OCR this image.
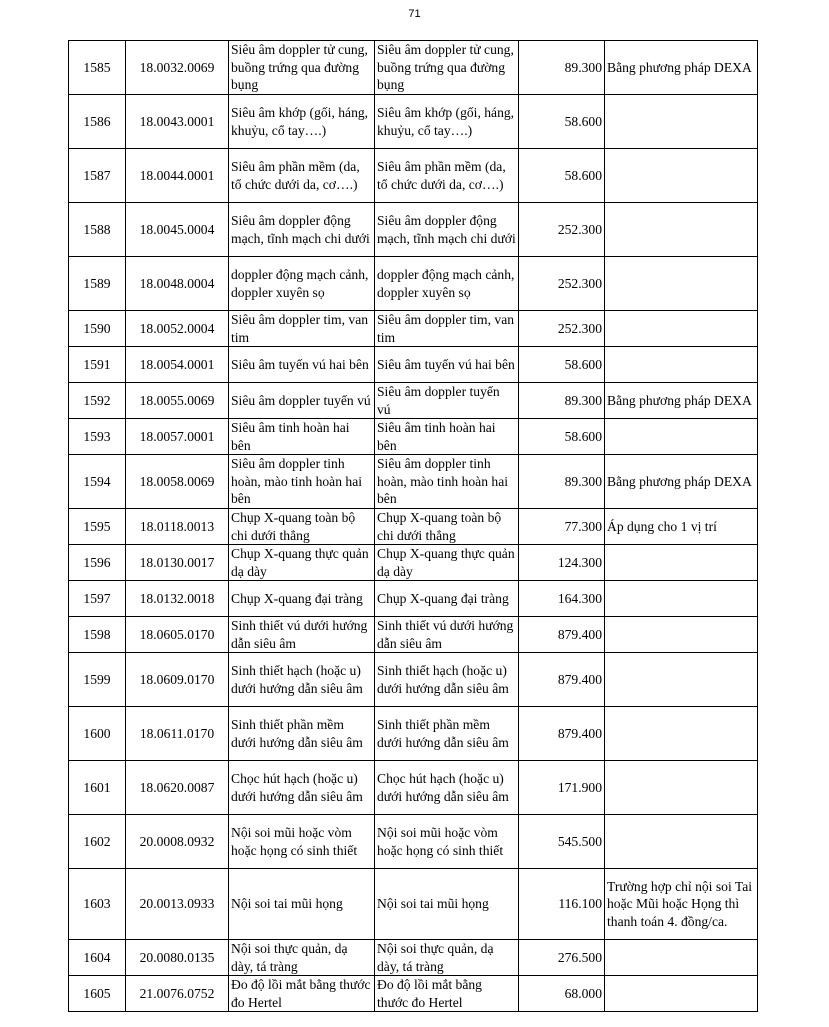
71
1585	18.0032.0069	Siêu âm doppler tử cung, buồng trứng qua đường bụng	Siêu âm doppler tử cung, buồng trứng qua đường bụng	89.300	Bằng phương pháp DEXA
1586	18.0043.0001	Siêu âm khớp (gối, háng, khuỷu, cổ tay….)	Siêu âm khớp (gối, háng, khuỷu, cổ tay….)	58.600	
1587	18.0044.0001	Siêu âm phần mềm (da, tổ chức dưới da, cơ….)	Siêu âm phần mềm (da, tổ chức dưới da, cơ….)	58.600	
1588	18.0045.0004	Siêu âm doppler động mạch, tĩnh mạch chi dưới	Siêu âm doppler động mạch, tĩnh mạch chi dưới	252.300	
1589	18.0048.0004	doppler động mạch cảnh, doppler xuyên sọ	doppler động mạch cảnh, doppler xuyên sọ	252.300	
1590	18.0052.0004	Siêu âm doppler tim, van tim	Siêu âm doppler tim, van tim	252.300	
1591	18.0054.0001	Siêu âm tuyến vú hai bên	Siêu âm tuyến vú hai bên	58.600	
1592	18.0055.0069	Siêu âm doppler tuyến vú	Siêu âm doppler tuyến vú	89.300	Bằng phương pháp DEXA
1593	18.0057.0001	Siêu âm tinh hoàn hai bên	Siêu âm tinh hoàn hai bên	58.600	
1594	18.0058.0069	Siêu âm doppler tinh hoàn, mào tinh hoàn hai bên	Siêu âm doppler tinh hoàn, mào tinh hoàn hai bên	89.300	Bằng phương pháp DEXA
1595	18.0118.0013	Chụp X-quang toàn bộ chi dưới thẳng	Chụp X-quang toàn bộ chi dưới thẳng	77.300	Áp dụng cho 1 vị trí
1596	18.0130.0017	Chụp X-quang thực quản dạ dày	Chụp X-quang thực quản dạ dày	124.300	
1597	18.0132.0018	Chụp X-quang đại tràng	Chụp X-quang đại tràng	164.300	
1598	18.0605.0170	Sinh thiết vú dưới hướng dẫn siêu âm	Sinh thiết vú dưới hướng dẫn siêu âm	879.400	
1599	18.0609.0170	Sinh thiết hạch (hoặc u) dưới hướng dẫn siêu âm	Sinh thiết hạch (hoặc u) dưới hướng dẫn siêu âm	879.400	
1600	18.0611.0170	Sinh thiết phần mềm dưới hướng dẫn siêu âm	Sinh thiết phần mềm dưới hướng dẫn siêu âm	879.400	
1601	18.0620.0087	Chọc hút hạch (hoặc u) dưới hướng dẫn siêu âm	Chọc hút hạch (hoặc u) dưới hướng dẫn siêu âm	171.900	
1602	20.0008.0932	Nội soi mũi hoặc vòm hoặc họng có sinh thiết	Nội soi mũi hoặc vòm hoặc họng có sinh thiết	545.500	
1603	20.0013.0933	Nội soi tai mũi họng	Nội soi tai mũi họng	116.100	Trường hợp chỉ nội soi Tai hoặc Mũi hoặc Họng thì thanh toán 4. đồng/ca.
1604	20.0080.0135	Nội soi thực quản, dạ dày, tá tràng	Nội soi thực quản, dạ dày, tá tràng	276.500	
1605	21.0076.0752	Đo độ lồi mắt bằng thước đo Hertel	Đo độ lồi mắt bằng thước đo Hertel	68.000	
